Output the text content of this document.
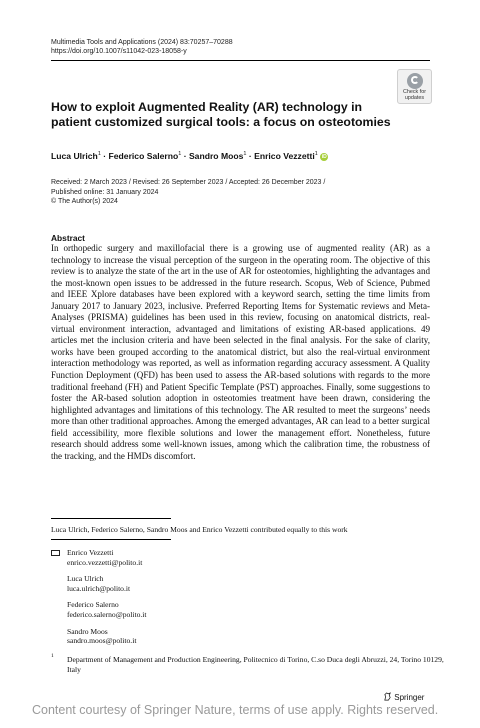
Multimedia Tools and Applications (2024) 83:70257–70288
https://doi.org/10.1007/s11042-023-18058-y
Check for
updates
How to exploit Augmented Reality (AR) technology in patient customized surgical tools: a focus on osteotomies
Luca Ulrich$^1$ · Federico Salerno$^1$ · Sandro Moos$^1$ · Enrico Vezzetti$^1$ iD
Received: 2 March 2023 / Revised: 26 September 2023 / Accepted: 26 December 2023 /
Published online: 31 January 2024
© The Author(s) 2024
Abstract
In orthopedic surgery and maxillofacial there is a growing use of augmented reality (AR) as a technology to increase the visual perception of the surgeon in the operating room. The objective of this review is to analyze the state of the art in the use of AR for osteotomies, highlighting the advantages and the most-known open issues to be addressed in the future research. Scopus, Web of Science, Pubmed and IEEE Xplore databases have been explored with a keyword search, setting the time limits from January 2017 to January 2023, inclusive. Preferred Reporting Items for Systematic reviews and Meta-Analyses (PRISMA) guidelines has been used in this review, focusing on anatomical districts, real-virtual environment interaction, advantaged and limitations of existing AR-based applications. 49 articles met the inclusion criteria and have been selected in the final analysis. For the sake of clarity, works have been grouped according to the anatomical district, but also the real-virtual environment interaction methodology was reported, as well as information regarding accuracy assessment. A Quality Function Deployment (QFD) has been used to assess the AR-based solutions with regards to the more traditional freehand (FH) and Patient Specific Template (PST) approaches. Finally, some suggestions to foster the AR-based solution adoption in osteotomies treatment have been drawn, considering the highlighted advantages and limitations of this technology. The AR resulted to meet the surgeons’ needs more than other traditional approaches. Among the emerged advantages, AR can lead to a better surgical field accessibility, more flexible solutions and lower the management effort. Nonetheless, future research should address some well-known issues, among which the calibration time, the robustness of the tracking, and the HMDs discomfort.
Luca Ulrich, Federico Salerno, Sandro Moos and Enrico Vezzetti contributed equally to this work
Enrico Vezzetti
enrico.vezzetti@polito.it
Luca Ulrich
luca.ulrich@polito.it
Federico Salerno
federico.salerno@polito.it
Sandro Moos
sandro.moos@polito.it
1 Department of Management and Production Engineering, Politecnico di Torino, C.so Duca degli Abruzzi, 24, Torino 10129, Italy
Springer
Content courtesy of Springer Nature, terms of use apply. Rights reserved.
